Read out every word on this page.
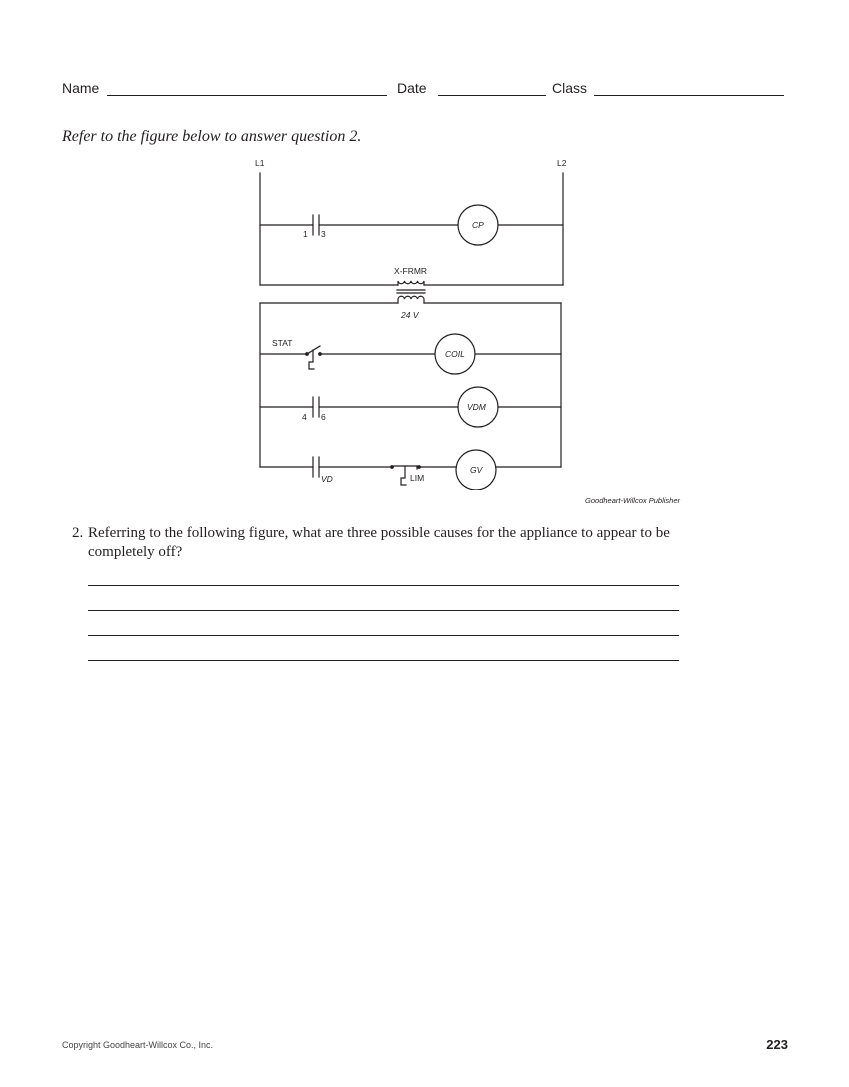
Name	Date	Class
Refer to the figure below to answer question 2.
L1	L2
1 3
CP
X-FRMR
24 V
STAT
COIL
4 6
VDM
VD	LIM
GV
Goodheart-Willcox Publisher
2. Referring to the following figure, what are three possible causes for the appliance to appear to be completely off?
Copyright Goodheart-Willcox Co., Inc.	223
